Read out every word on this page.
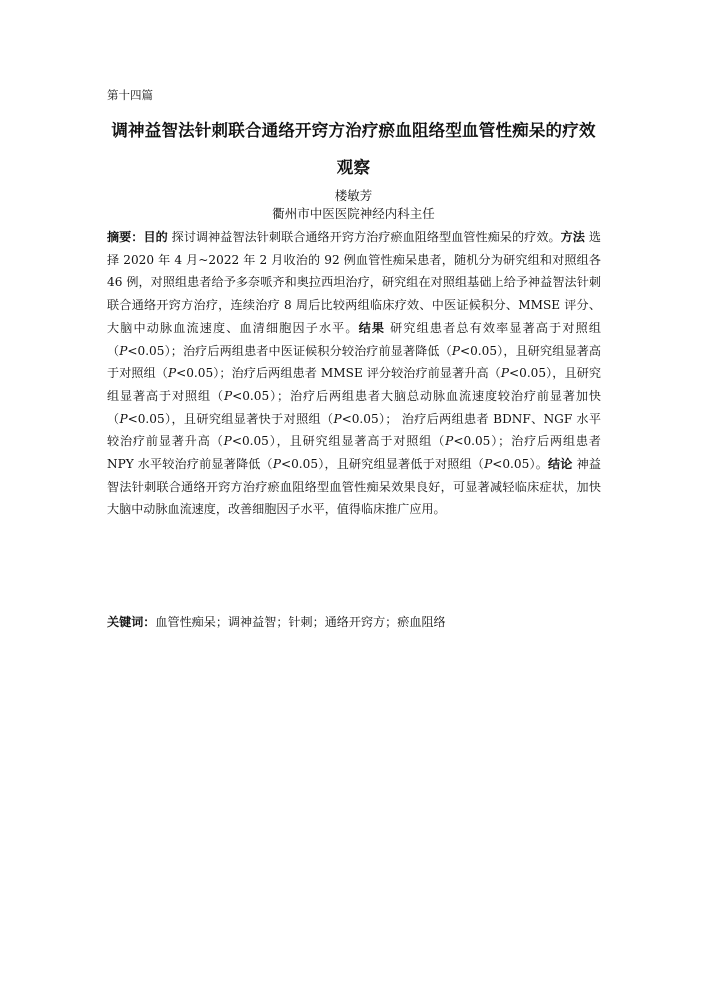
第十四篇
调神益智法针刺联合通络开窍方治疗瘀血阻络型血管性痴呆的疗效
观察
楼敏芳
衢州市中医医院神经内科主任

摘要：目的 探讨调神益智法针刺联合通络开窍方治疗瘀血阻络型血管性痴呆的疗效。方法 选择 2020 年 4 月~2022 年 2 月收治的 92 例血管性痴呆患者，随机分为研究组和对照组各 46 例，对照组患者给予多奈哌齐和奥拉西坦治疗，研究组在对照组基础上给予神益智法针刺联合通络开窍方治疗，连续治疗 8 周后比较两组临床疗效、中医证候积分、MMSE 评分、大脑中动脉血流速度、血清细胞因子水平。结果 研究组患者总有效率显著高于对照组（P<0.05）；治疗后两组患者中医证候积分较治疗前显著降低（P<0.05），且研究组显著高于对照组（P<0.05）；治疗后两组患者 MMSE 评分较治疗前显著升高（P<0.05），且研究组显著高于对照组（P<0.05）；治疗后两组患者大脑总动脉血流速度较治疗前显著加快（P<0.05），且研究组显著快于对照组（P<0.05）； 治疗后两组患者 BDNF、NGF 水平较治疗前显著升高（P<0.05），且研究组显著高于对照组（P<0.05）；治疗后两组患者 NPY 水平较治疗前显著降低（P<0.05），且研究组显著低于对照组（P<0.05）。结论 神益智法针刺联合通络开窍方治疗瘀血阻络型血管性痴呆效果良好，可显著减轻临床症状，加快大脑中动脉血流速度，改善细胞因子水平，值得临床推广应用。

关键词：血管性痴呆；调神益智；针刺；通络开窍方；瘀血阻络
